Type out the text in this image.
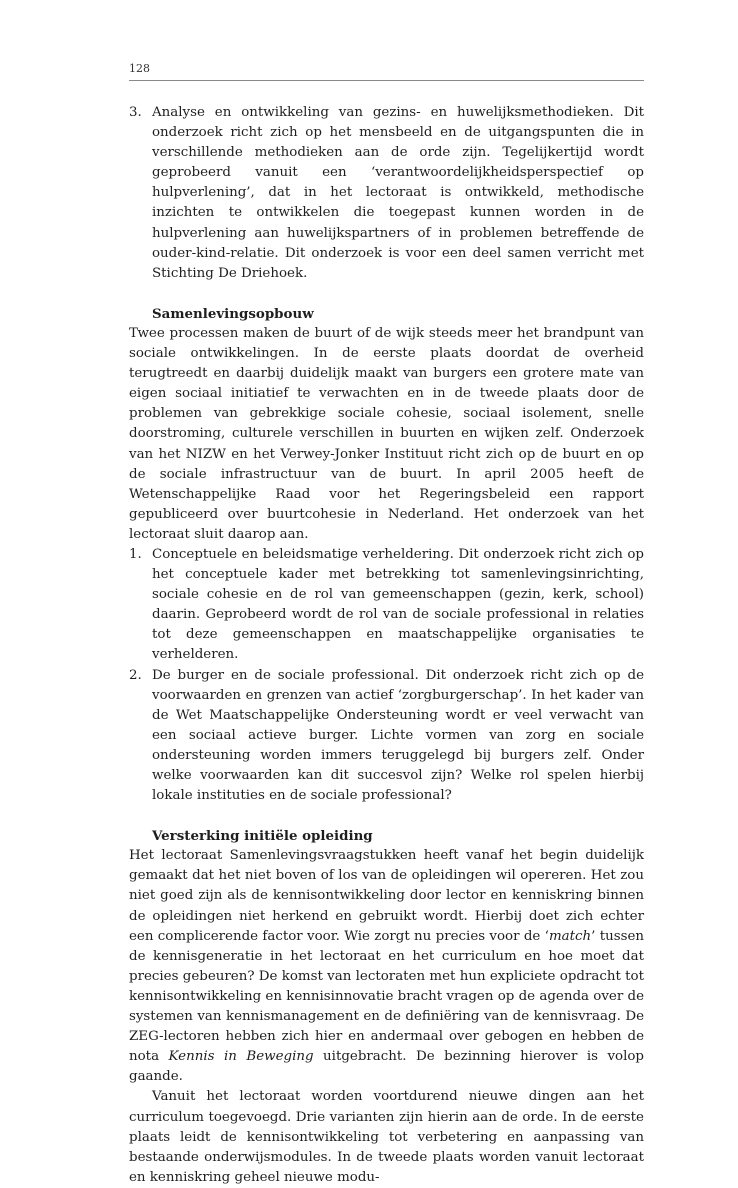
128
3. Analyse en ontwikkeling van gezins- en huwelijksmethodieken. Dit onderzoek richt zich op het mensbeeld en de uitgangspunten die in verschillende methodieken aan de orde zijn. Tegelijkertijd wordt geprobeerd vanuit een ‘verantwoordelijkheidsperspectief op hulpverlening’, dat in het lectoraat is ontwikkeld, methodische inzichten te ontwikkelen die toegepast kunnen worden in de hulpverlening aan huwelijkspartners of in problemen betreffende de ouder-kind-relatie. Dit onderzoek is voor een deel samen verricht met Stichting De Driehoek.
Samenlevingsopbouw

Twee processen maken de buurt of de wijk steeds meer het brandpunt van sociale ontwikkelingen. In de eerste plaats doordat de overheid terugtreedt en daarbij duidelijk maakt van burgers een grotere mate van eigen sociaal initiatief te verwachten en in de tweede plaats door de problemen van gebrekkige sociale cohesie, sociaal isolement, snelle doorstroming, culturele verschillen in buurten en wijken zelf. Onderzoek van het NIZW en het Verwey-Jonker Instituut richt zich op de buurt en op de sociale infrastructuur van de buurt. In april 2005 heeft de Wetenschappelijke Raad voor het Regeringsbeleid een rapport gepubliceerd over buurtcohesie in Nederland. Het onderzoek van het lectoraat sluit daarop aan.

1. Conceptuele en beleidsmatige verheldering. Dit onderzoek richt zich op het conceptuele kader met betrekking tot samenlevingsinrichting, sociale cohesie en de rol van gemeenschappen (gezin, kerk, school) daarin. Geprobeerd wordt de rol van de sociale professional in relaties tot deze gemeenschappen en maatschappelijke organisaties te verhelderen.
2. De burger en de sociale professional. Dit onderzoek richt zich op de voorwaarden en grenzen van actief ‘zorgburgerschap’. In het kader van de Wet Maatschappelijke Ondersteuning wordt er veel verwacht van een sociaal actieve burger. Lichte vormen van zorg en sociale ondersteuning worden immers teruggelegd bij burgers zelf. Onder welke voorwaarden kan dit succesvol zijn? Welke rol spelen hierbij lokale instituties en de sociale professional?
Versterking initiële opleiding

Het lectoraat Samenlevingsvraagstukken heeft vanaf het begin duidelijk gemaakt dat het niet boven of los van de opleidingen wil opereren. Het zou niet goed zijn als de kennisontwikkeling door lector en kenniskring binnen de opleidingen niet herkend en gebruikt wordt. Hierbij doet zich echter een complicerende factor voor. Wie zorgt nu precies voor de ‘match’ tussen de kennisgeneratie in het lectoraat en het curriculum en hoe moet dat precies gebeuren? De komst van lectoraten met hun expliciete opdracht tot kennisontwikkeling en kennisinnovatie bracht vragen op de agenda over de systemen van kennismanagement en de definiëring van de kennisvraag. De ZEG-lectoren hebben zich hier en andermaal over gebogen en hebben de nota Kennis in Beweging uitgebracht. De bezinning hierover is volop gaande.

Vanuit het lectoraat worden voortdurend nieuwe dingen aan het curriculum toegevoegd. Drie varianten zijn hierin aan de orde. In de eerste plaats leidt de kennisontwikkeling tot verbetering en aanpassing van bestaande onderwijsmodules. In de tweede plaats worden vanuit lectoraat en kenniskring geheel nieuwe modu-
